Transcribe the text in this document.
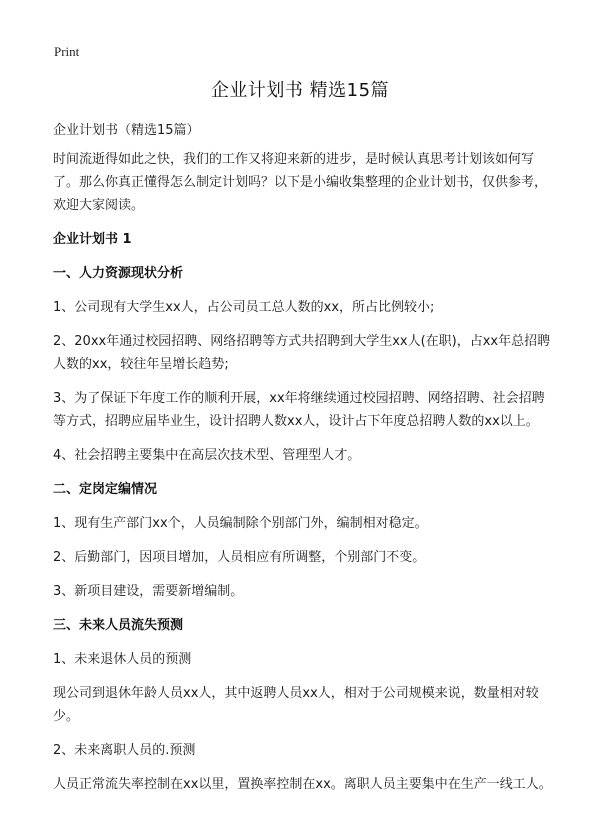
Print
企业计划书 精选15篇

企业计划书（精选15篇）

时间流逝得如此之快，我们的工作又将迎来新的进步，是时候认真思考计划该如何写了。那么你真正懂得怎么制定计划吗？以下是小编收集整理的企业计划书，仅供参考，欢迎大家阅读。

企业计划书 1

一、人力资源现状分析

1、公司现有大学生xx人，占公司员工总人数的xx，所占比例较小;

2、20xx年通过校园招聘、网络招聘等方式共招聘到大学生xx人(在职)，占xx年总招聘人数的xx，较往年呈增长趋势;

3、为了保证下年度工作的顺利开展，xx年将继续通过校园招聘、网络招聘、社会招聘等方式，招聘应届毕业生，设计招聘人数xx人，设计占下年度总招聘人数的xx以上。

4、社会招聘主要集中在高层次技术型、管理型人才。

二、定岗定编情况

1、现有生产部门xx个，人员编制除个别部门外，编制相对稳定。

2、后勤部门，因项目增加，人员相应有所调整，个别部门不变。

3、新项目建设，需要新增编制。

三、未来人员流失预测

1、未来退休人员的预测

现公司到退休年龄人员xx人，其中返聘人员xx人，相对于公司规模来说，数量相对较少。

2、未来离职人员的.预测

人员正常流失率控制在xx以里，置换率控制在xx。离职人员主要集中在生产一线工人。
